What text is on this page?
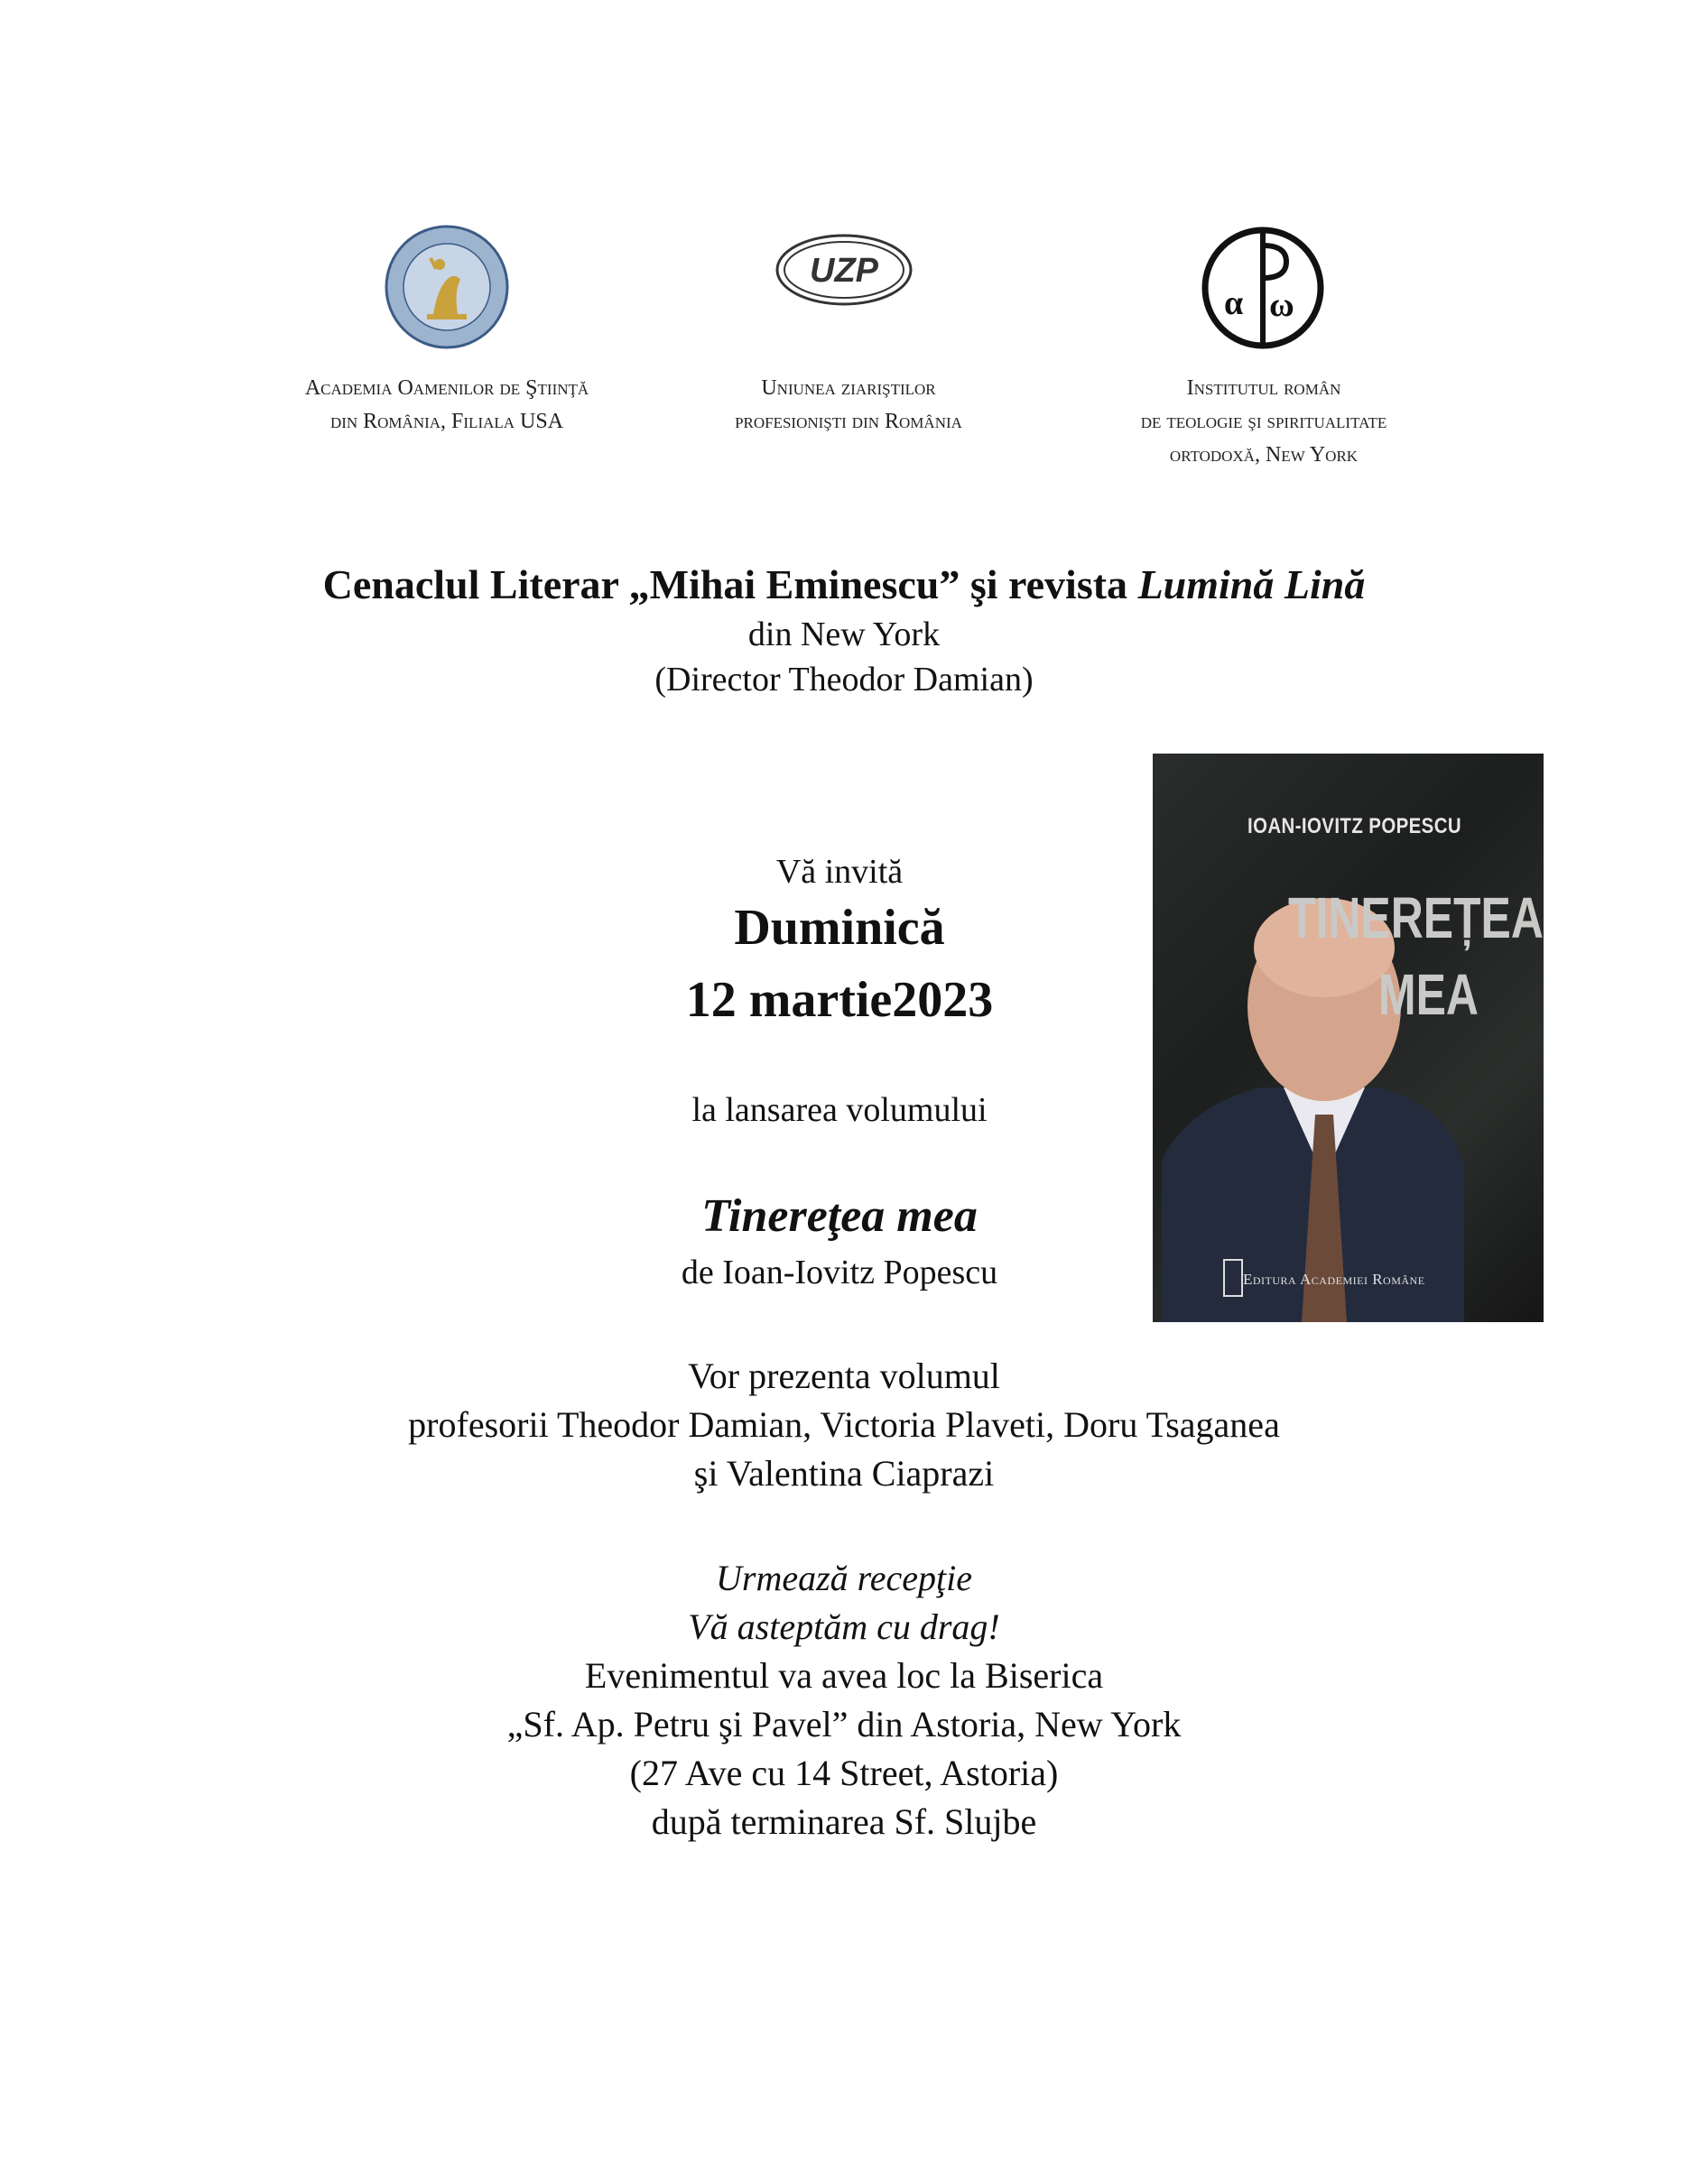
UZP
α ω
Academia Oamenilor de Ştiinţă
din România, Filiala USA
Uniunea ziariştilor
profesionişti din România
Institutul român
de teologie şi spiritualitate
ortodoxă, New York
Cenaclul Literar „Mihai Eminescu” şi revista Lumină Lină
din New York
(Director Theodor Damian)
Vă invită
Duminică
12 martie2023
la lansarea volumului
Tinereţea mea
de Ioan-Iovitz Popescu
IOAN-IOVITZ POPESCU
TINEREȚEA
MEA
Editura Academiei Române
Vor prezenta volumul
profesorii Theodor Damian, Victoria Plaveti, Doru Tsaganea
şi Valentina Ciaprazi
Urmează recepţie
Vă asteptăm cu drag!
Evenimentul va avea loc la Biserica
„Sf. Ap. Petru şi Pavel” din Astoria, New York
(27 Ave cu 14 Street, Astoria)
după terminarea Sf. Slujbe
